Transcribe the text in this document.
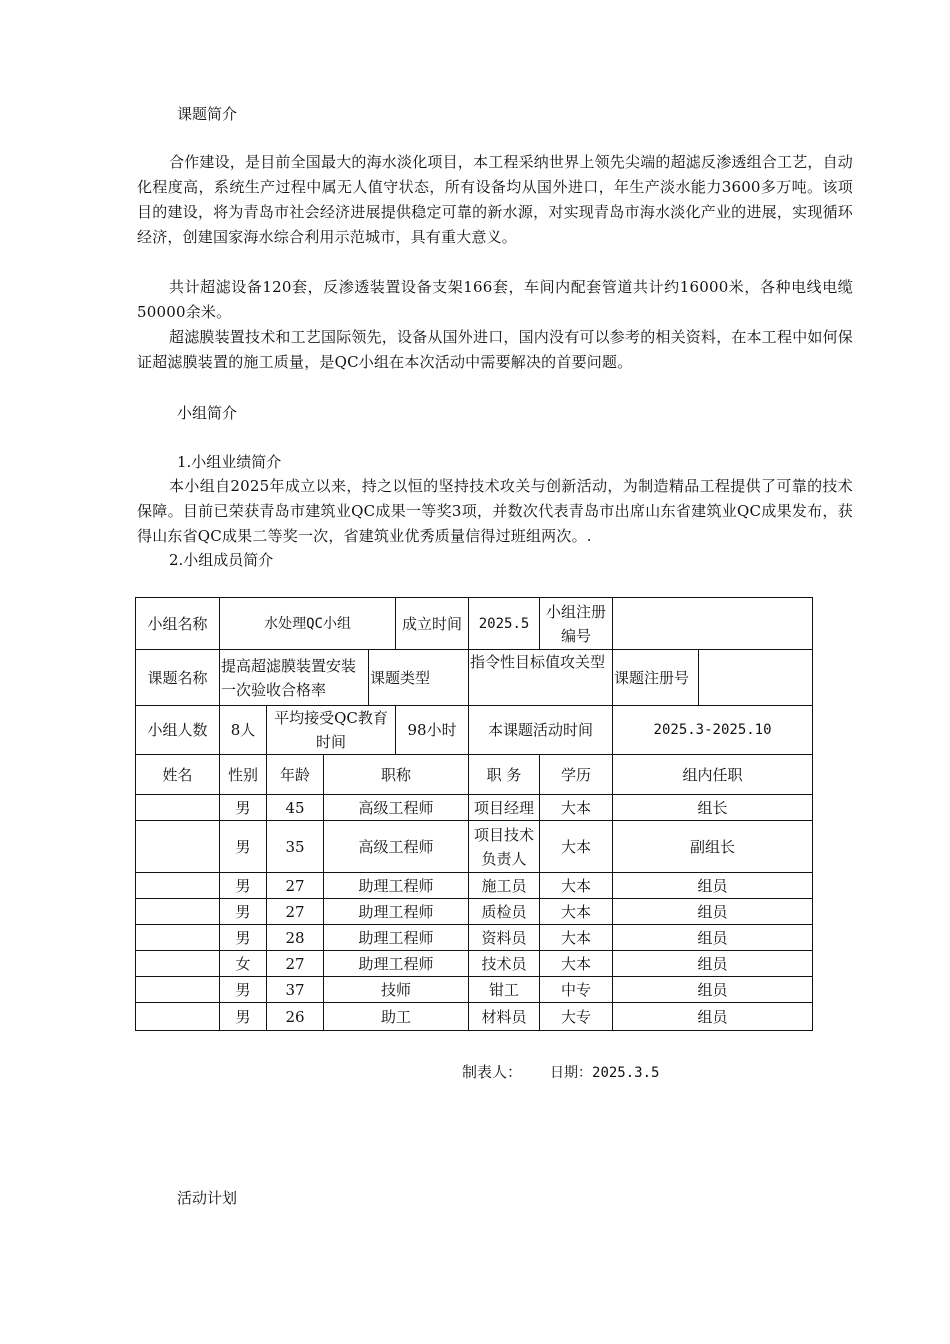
课题简介

合作建设，是目前全国最大的海水淡化项目，本工程采纳世界上领先尖端的超滤反渗透组合工艺，自动化程度高，系统生产过程中属无人值守状态，所有设备均从国外进口，年生产淡水能力3600多万吨。该项目的建设，将为青岛市社会经济进展提供稳定可靠的新水源，对实现青岛市海水淡化产业的进展，实现循环经济，创建国家海水综合利用示范城市，具有重大意义。

共计超滤设备120套，反渗透装置设备支架166套，车间内配套管道共计约16000米，各种电线电缆50000余米。

超滤膜装置技术和工艺国际领先，设备从国外进口，国内没有可以参考的相关资料，在本工程中如何保证超滤膜装置的施工质量，是QC小组在本次活动中需要解决的首要问题。

小组简介
1.小组业绩简介

本小组自2025年成立以来，持之以恒的坚持技术攻关与创新活动，为制造精品工程提供了可靠的技术保障。目前已荣获青岛市建筑业QC成果一等奖3项，并数次代表青岛市出席山东省建筑业QC成果发布，获得山东省QC成果二等奖一次，省建筑业优秀质量信得过班组两次。.

2.小组成员简介
小组名称	水处理QC小组				成立时间	2025.5	小组注册编号		
课题名称	提高超滤膜装置安装一次验收合格率			课题类型		指令性目标值攻关型		课题注册号	
小组人数	8人	平均接受QC教育时间			98小时	本课题活动时间		2025.3-2025.10	
姓名	性别	年龄	职称			职 务	学历	组内任职	
	男	45	高级工程师			项目经理	大本	组长	
	男	35	高级工程师			项目技术负责人	大本	副组长	
	男	27	助理工程师			施工员	大本	组员	
	男	27	助理工程师			质检员	大本	组员	
	男	28	助理工程师			资料员	大本	组员	
	女	27	助理工程师			技术员	大本	组员	
	男	37	技师			钳工	中专	组员	
	男	26	助工			材料员	大专	组员	
制表人： 日期：2025.3.5
活动计划
